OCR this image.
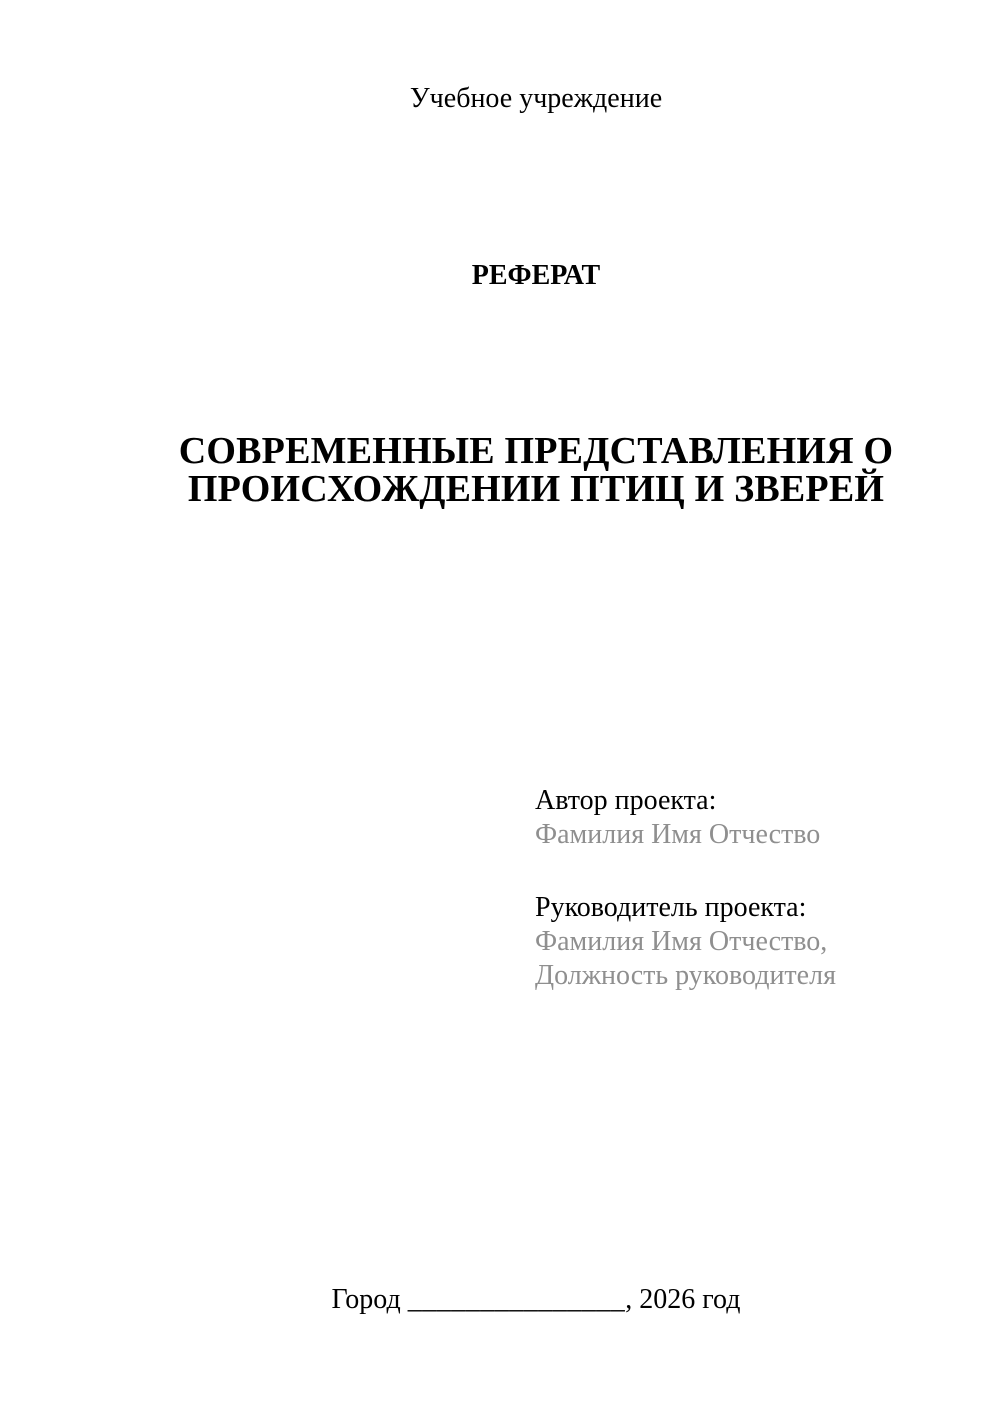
Учебное учреждение
РЕФЕРАТ
СОВРЕМЕННЫЕ ПРЕДСТАВЛЕНИЯ О
ПРОИСХОЖДЕНИИ ПТИЦ И ЗВЕРЕЙ
Автор проекта:
Фамилия Имя Отчество
Руководитель проекта:
Фамилия Имя Отчество,
Должность руководителя
Город _______________, 2026 год
